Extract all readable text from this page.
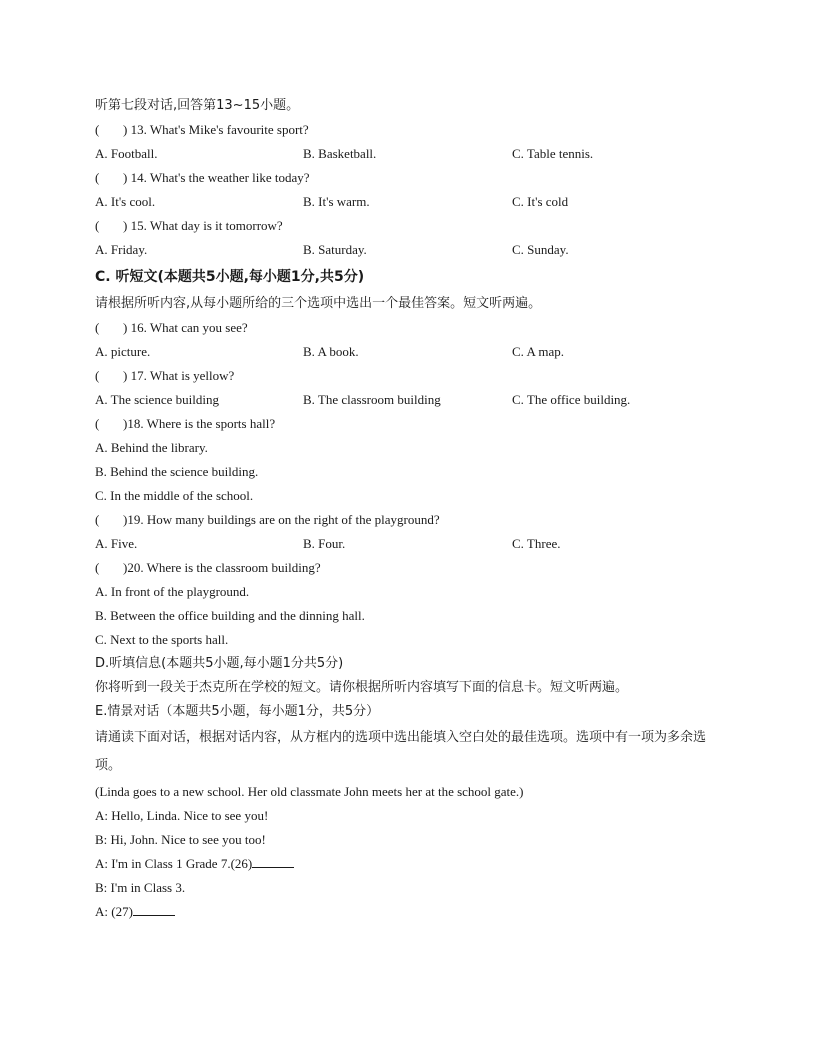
听第七段对话,回答第13~15小题。
( ) 13. What's Mike's favourite sport?
A. Football.	B. Basketball.	C. Table tennis.
( ) 14. What's the weather like today?
A. It's cool.	B. It's warm.	C. It's cold
( ) 15. What day is it tomorrow?
A. Friday.	B. Saturday.	C. Sunday.
C. 听短文(本题共5小题,每小题1分,共5分)
请根据所听内容,从每小题所给的三个选项中选出一个最佳答案。短文听两遍。
( ) 16. What can you see?
A. picture.	B. A book.	C. A map.
( ) 17. What is yellow?
A. The science building	B. The classroom building	C. The office building.
( )18. Where is the sports hall?
A. Behind the library.
B. Behind the science building.
C. In the middle of the school.
( )19. How many buildings are on the right of the playground?
A. Five.	B. Four.	C. Three.
( )20. Where is the classroom building?
A. In front of the playground.
B. Between the office building and the dinning hall.
C. Next to the sports hall.
D.听填信息(本题共5小题,每小题1分共5分)
你将听到一段关于杰克所在学校的短文。请你根据所听内容填写下面的信息卡。短文听两遍。
E.情景对话（本题共5小题，每小题1分，共5分）
请通读下面对话，根据对话内容，从方框内的选项中选出能填入空白处的最佳选项。选项中有一项为多余选项。
(Linda goes to a new school. Her old classmate John meets her at the school gate.)
A: Hello, Linda. Nice to see you!
B: Hi, John. Nice to see you too!
A: I'm in Class 1 Grade 7.(26)
B: I'm in Class 3.
A: (27)
